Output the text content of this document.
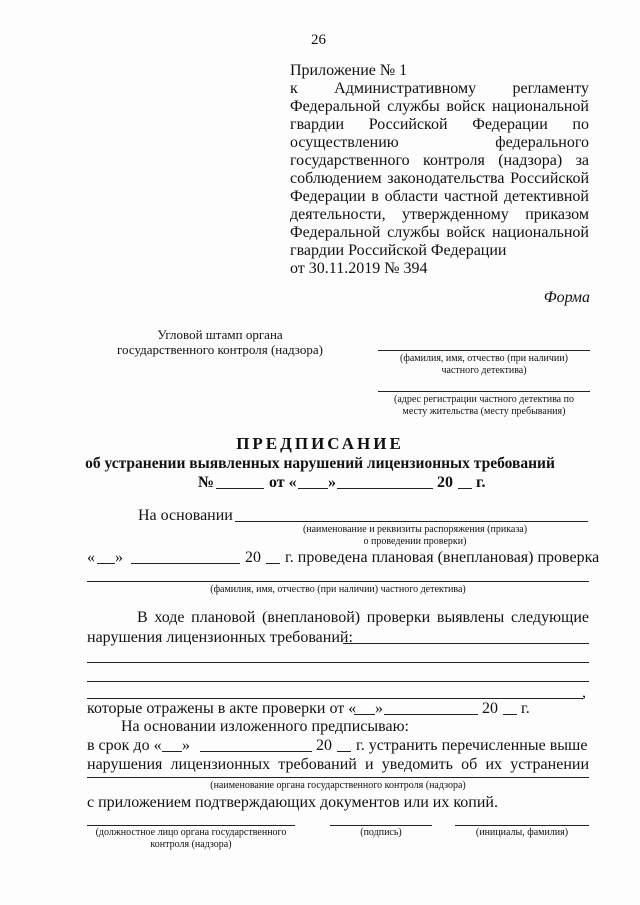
26
Приложение № 1
к Административному регламенту
Федеральной службы войск национальной
гвардии Российской Федерации по
осуществлению федерального
государственного контроля (надзора) за
соблюдением законодательства Российской
Федерации в области частной детективной
деятельности, утвержденному приказом
Федеральной службы войск национальной
гвардии Российской Федерации
от 30.11.2019 № 394
Форма
Угловой штамп органа
государственного контроля (надзора)
(фамилия, имя, отчество (при наличии)
частного детектива)
(адрес регистрации частного детектива по
месту жительства (месту пребывания)
ПРЕДПИСАНИЕ
об устранении выявленных нарушений лицензионных требований
№	от « »	20 г.
На основании
(наименование и реквизиты распоряжения (приказа)
о проведении проверки)
« »	20 г. проведена плановая (внеплановая) проверка
(фамилия, имя, отчество (при наличии) частного детектива)
В ходе плановой (внеплановой) проверки выявлены следующие
нарушения лицензионных требований:
,
которые отражены в акте проверки от « »	20 г.
На основании изложенного предписываю:
в срок до « »	20 г. устранить перечисленные выше
нарушения лицензионных требований и уведомить об их устранении
(наименование органа государственного контроля (надзора)
с приложением подтверждающих документов или их копий.
(должностное лицо органа государственного
контроля (надзора)
(подпись)	(инициалы, фамилия)
